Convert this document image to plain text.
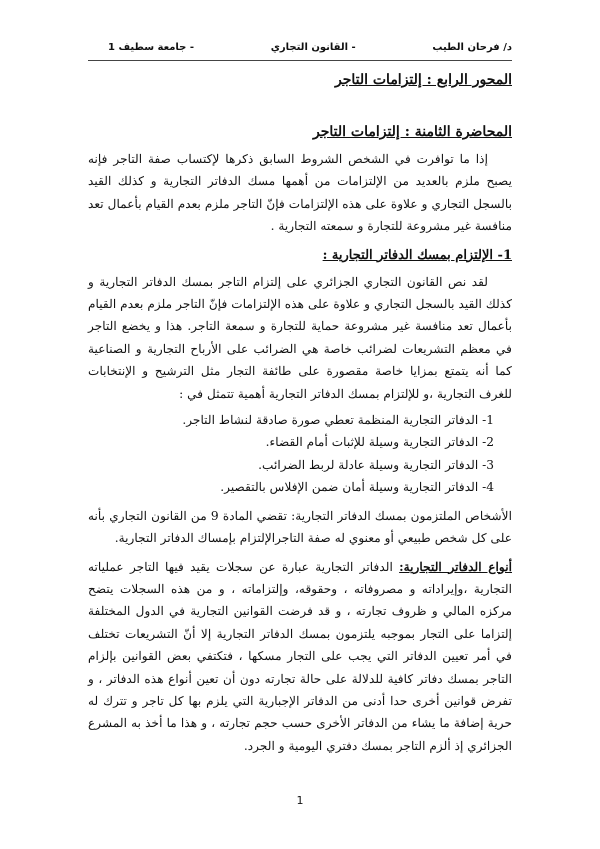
د/ فرحان الطيب
- القانون التجاري
- جامعة سطيف 1
المحور الرابع : إلتزامات التاجر
المحاضرة الثامنة : إلتزامات التاجر

إذا ما توافرت في الشخص الشروط السابق ذكرها لإكتساب صفة التاجر فإنه يصبح ملزم بالعديد من الإلتزامات من أهمها مسك الدفاتر التجارية و كذلك القيد بالسجل التجاري و علاوة على هذه الإلتزامات فإنّ التاجر ملزم بعدم القيام بأعمال تعد منافسة غير مشروعة للتجارة و سمعته التجارية .

1- الإلتزام بمسك الدفاتر التجارية :

لقد نص القانون التجاري الجزائري على إلتزام التاجر بمسك الدفاتر التجارية و كذلك القيد بالسجل التجاري و علاوة على هذه الإلتزامات فإنّ التاجر ملزم بعدم القيام بأعمال تعد منافسة غير مشروعة حماية للتجارة و سمعة التاجر. هذا و يخضع التاجر في معظم التشريعات لضرائب خاصة هي الضرائب على الأرباح التجارية و الصناعية كما أنه يتمتع بمزايا خاصة مقصورة على طائفة التجار مثل الترشيح و الإنتخابات للغرف التجارية ،و للإلتزام بمسك الدفاتر التجارية أهمية تتمثل في :

1- الدفاتر التجارية المنظمة تعطي صورة صادقة لنشاط التاجر.
2- الدفاتر التجارية وسيلة للإثبات أمام القضاء.
3- الدفاتر التجارية وسيلة عادلة لربط الضرائب.
4- الدفاتر التجارية وسيلة أمان ضمن الإفلاس بالتقصير.

الأشخاص الملتزمون بمسك الدفاتر التجارية: تقضي المادة 9 من القانون التجاري بأنه على كل شخص طبيعي أو معنوي له صفة التاجرالإلتزام بإمساك الدفاتر التجارية.

أنواع الدفاتر التجارية: الدفاتر التجارية عبارة عن سجلات يقيد فيها التاجر عملياته التجارية ،وإيراداته و مصروفاته ، وحقوقه، وإلتزاماته ، و من هذه السجلات يتضح مركزه المالي و ظروف تجارته ، و قد فرضت القوانين التجارية في الدول المختلفة إلتزاما على التجار بموجبه يلتزمون بمسك الدفاتر التجارية إلا أنّ التشريعات تختلف في أمر تعيين الدفاتر التي يجب على التجار مسكها ، فتكتفي بعض القوانين بإلزام التاجر بمسك دفاتر كافية للدلالة على حالة تجارته دون أن تعين أنواع هذه الدفاتر ، و تفرض قوانين أخرى حدا أدنى من الدفاتر الإجبارية التي يلزم بها كل تاجر و تترك له حرية إضافة ما يشاء من الدفاتر الأخرى حسب حجم تجارته ، و هذا ما أخذ به المشرع الجزائري إذ ألزم التاجر بمسك دفتري اليومية و الجرد.

1
